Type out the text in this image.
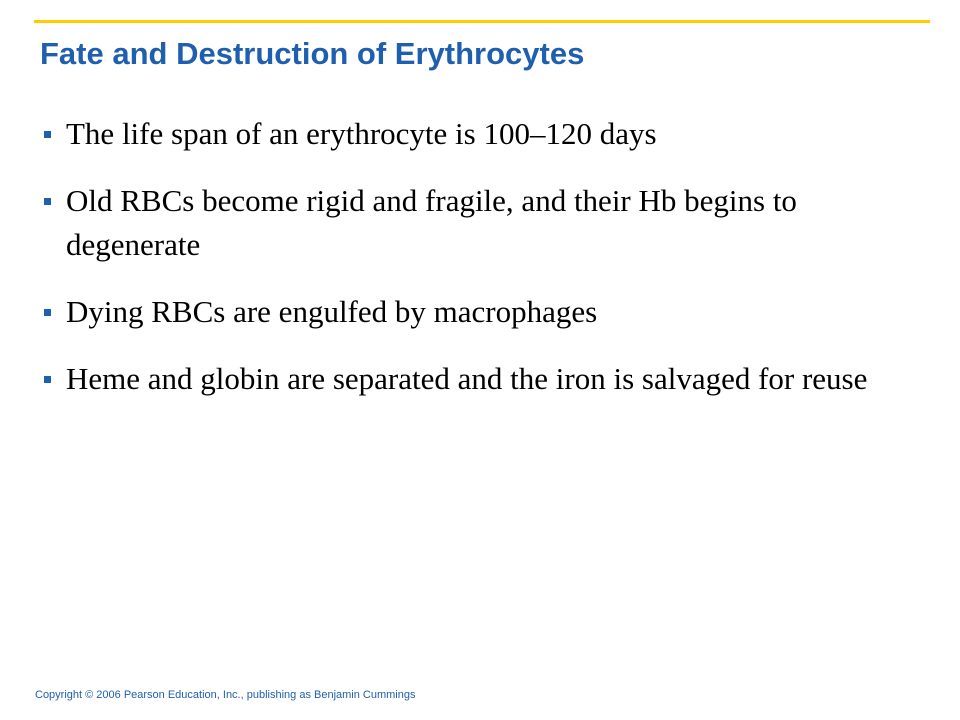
Fate and Destruction of Erythrocytes
The life span of an erythrocyte is 100–120 days
Old RBCs become rigid and fragile, and their Hb begins to degenerate
Dying RBCs are engulfed by macrophages
Heme and globin are separated and the iron is salvaged for reuse
Copyright © 2006 Pearson Education, Inc., publishing as Benjamin Cummings
